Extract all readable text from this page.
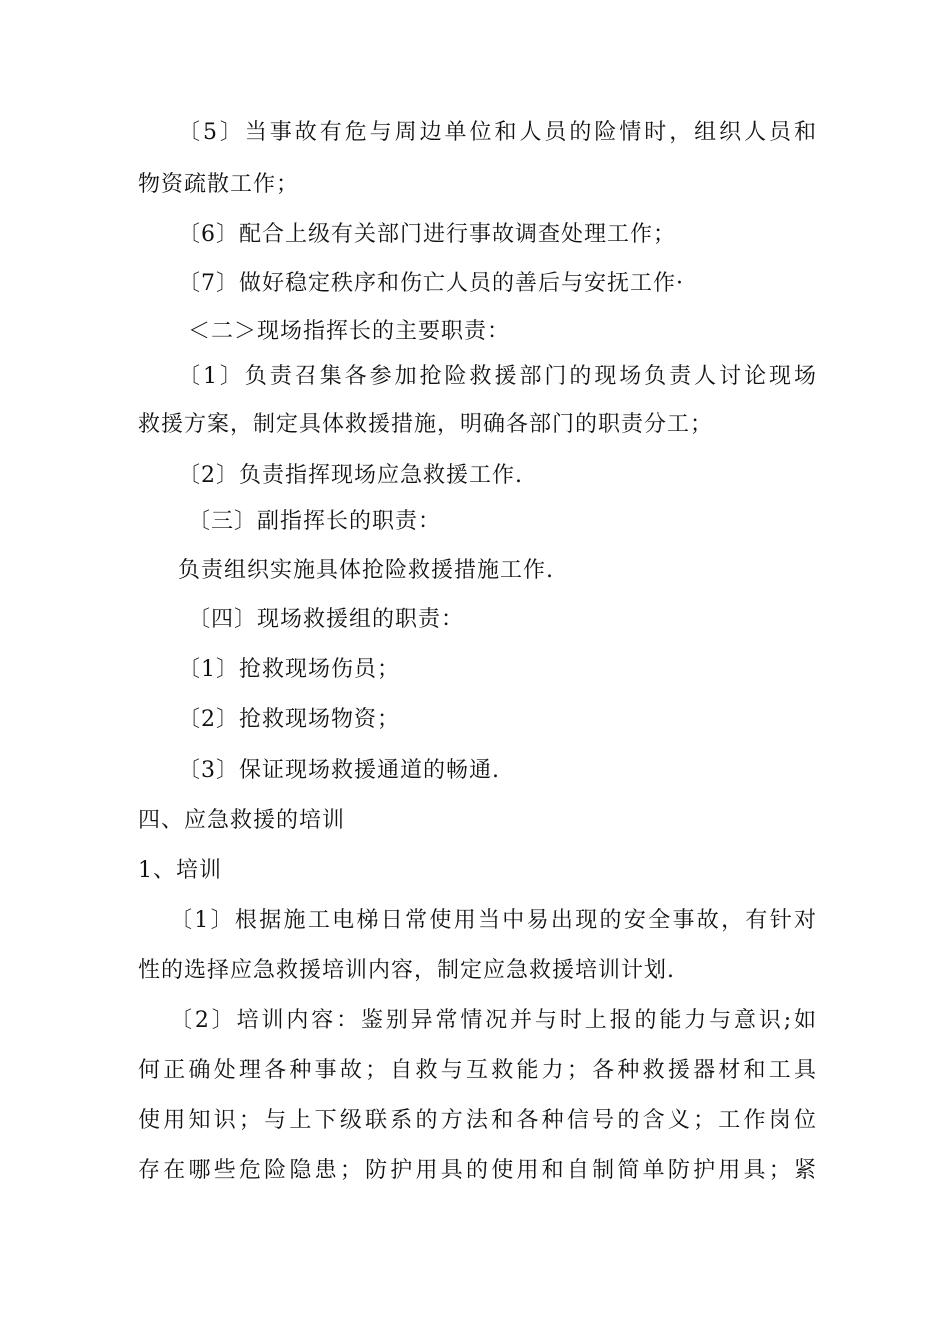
〔5〕当事故有危与周边单位和人员的险情时，组织人员和
物资疏散工作；
〔6〕配合上级有关部门进行事故调查处理工作；
〔7〕做好稳定秩序和伤亡人员的善后与安抚工作·
＜二＞现场指挥长的主要职责：
〔1〕负责召集各参加抢险救援部门的现场负责人讨论现场
救援方案，制定具体救援措施，明确各部门的职责分工；
〔2〕负责指挥现场应急救援工作.
〔三〕副指挥长的职责：
负责组织实施具体抢险救援措施工作.
〔四〕现场救援组的职责：
〔1〕抢救现场伤员；
〔2〕抢救现场物资；
〔3〕保证现场救援通道的畅通.
四、应急救援的培训
1、培训
〔1〕根据施工电梯日常使用当中易出现的安全事故，有针对
性的选择应急救援培训内容，制定应急救援培训计划.
〔2〕培训内容：鉴别异常情况并与时上报的能力与意识;如
何正确处理各种事故；自救与互救能力；各种救援器材和工具
使用知识；与上下级联系的方法和各种信号的含义；工作岗位
存在哪些危险隐患；防护用具的使用和自制简单防护用具；紧
